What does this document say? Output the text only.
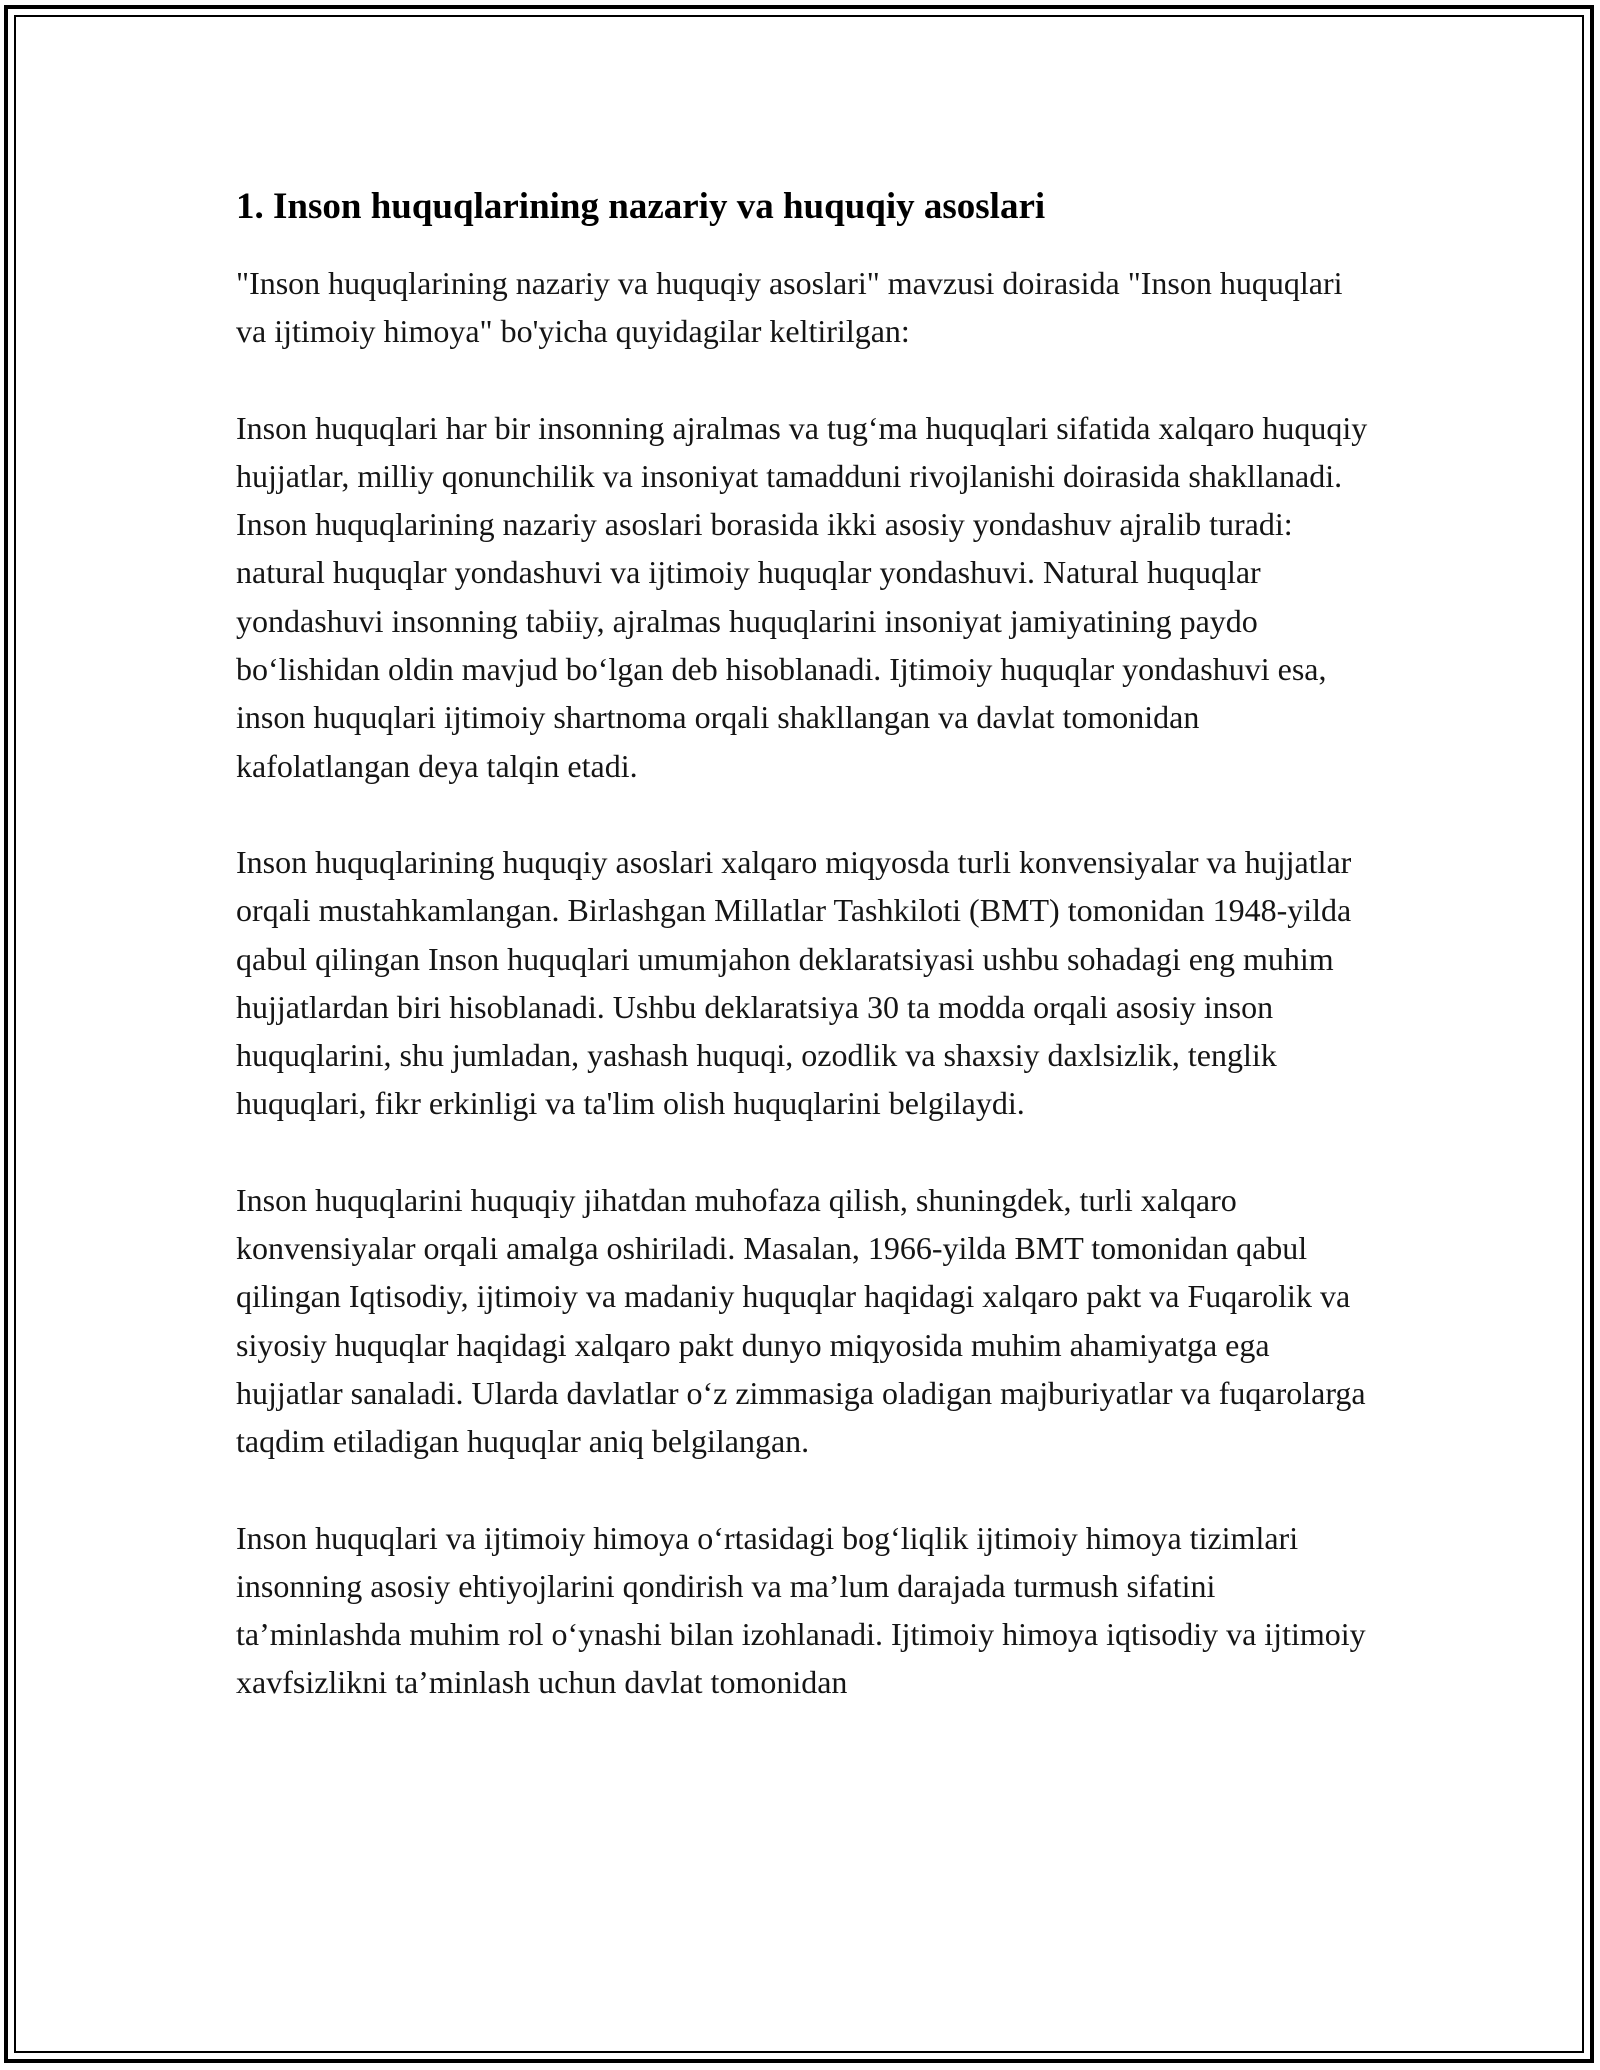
1. Inson huquqlarining nazariy va huquqiy asoslari

"Inson huquqlarining nazariy va huquqiy asoslari" mavzusi doirasida "Inson huquqlari va ijtimoiy himoya" bo'yicha quyidagilar keltirilgan:

Inson huquqlari har bir insonning ajralmas va tug‘ma huquqlari sifatida xalqaro huquqiy hujjatlar, milliy qonunchilik va insoniyat tamadduni rivojlanishi doirasida shakllanadi. Inson huquqlarining nazariy asoslari borasida ikki asosiy yondashuv ajralib turadi: natural huquqlar yondashuvi va ijtimoiy huquqlar yondashuvi. Natural huquqlar yondashuvi insonning tabiiy, ajralmas huquqlarini insoniyat jamiyatining paydo bo‘lishidan oldin mavjud bo‘lgan deb hisoblanadi. Ijtimoiy huquqlar yondashuvi esa, inson huquqlari ijtimoiy shartnoma orqali shakllangan va davlat tomonidan kafolatlangan deya talqin etadi.

Inson huquqlarining huquqiy asoslari xalqaro miqyosda turli konvensiyalar va hujjatlar orqali mustahkamlangan. Birlashgan Millatlar Tashkiloti (BMT) tomonidan 1948-yilda qabul qilingan Inson huquqlari umumjahon deklaratsiyasi ushbu sohadagi eng muhim hujjatlardan biri hisoblanadi. Ushbu deklaratsiya 30 ta modda orqali asosiy inson huquqlarini, shu jumladan, yashash huquqi, ozodlik va shaxsiy daxlsizlik, tenglik huquqlari, fikr erkinligi va ta'lim olish huquqlarini belgilaydi.

Inson huquqlarini huquqiy jihatdan muhofaza qilish, shuningdek, turli xalqaro konvensiyalar orqali amalga oshiriladi. Masalan, 1966-yilda BMT tomonidan qabul qilingan Iqtisodiy, ijtimoiy va madaniy huquqlar haqidagi xalqaro pakt va Fuqarolik va siyosiy huquqlar haqidagi xalqaro pakt dunyo miqyosida muhim ahamiyatga ega hujjatlar sanaladi. Ularda davlatlar o‘z zimmasiga oladigan majburiyatlar va fuqarolarga taqdim etiladigan huquqlar aniq belgilangan.

Inson huquqlari va ijtimoiy himoya o‘rtasidagi bog‘liqlik ijtimoiy himoya tizimlari insonning asosiy ehtiyojlarini qondirish va ma’lum darajada turmush sifatini ta’minlashda muhim rol o‘ynashi bilan izohlanadi. Ijtimoiy himoya iqtisodiy va ijtimoiy xavfsizlikni ta’minlash uchun davlat tomonidan
